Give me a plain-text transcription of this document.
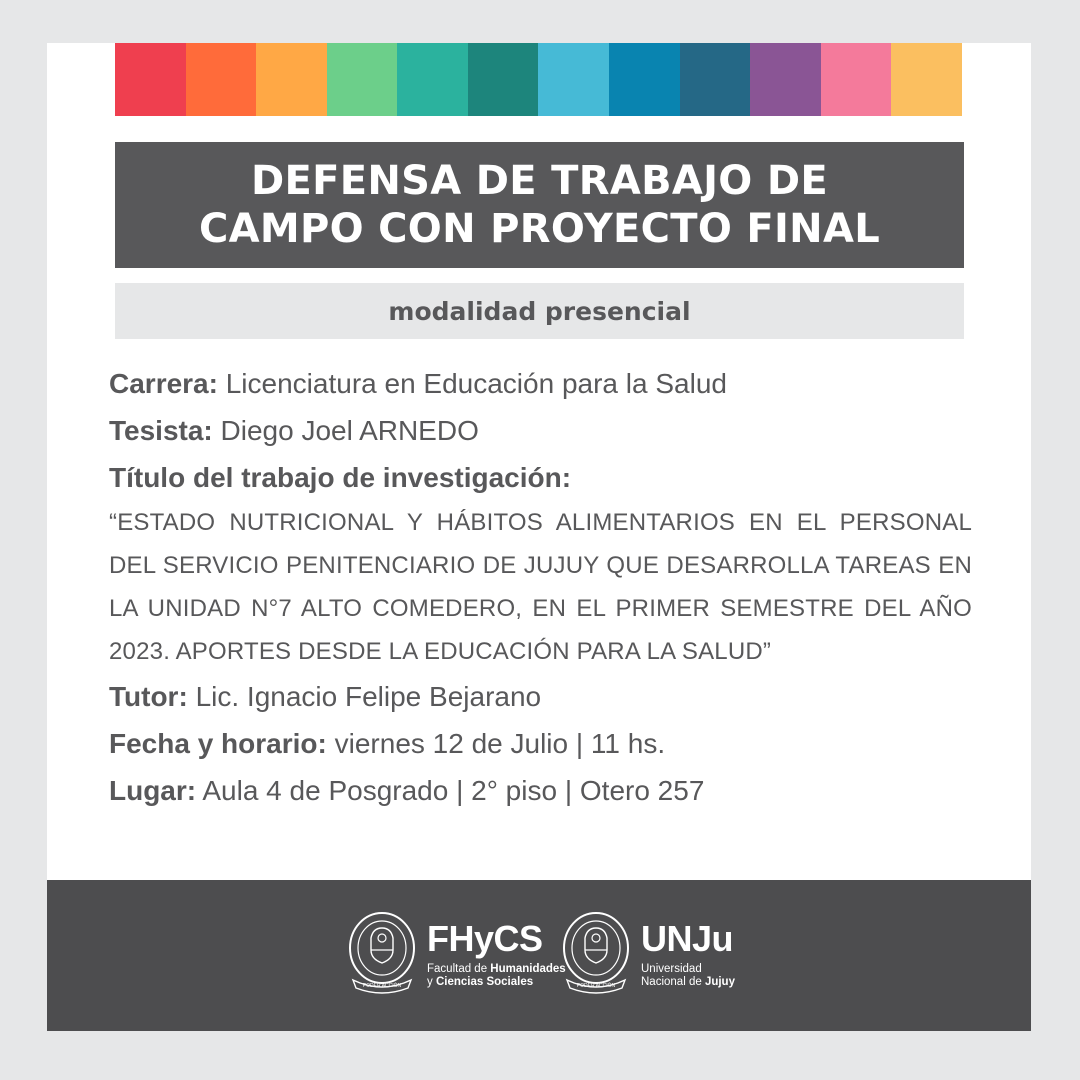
DEFENSA DE TRABAJO DE
CAMPO CON PROYECTO FINAL
modalidad presencial
Carrera: Licenciatura en Educación para la Salud
Tesista: Diego Joel ARNEDO
Título del trabajo de investigación:
“ESTADO NUTRICIONAL Y HÁBITOS ALIMENTARIOS EN EL PERSONAL DEL SERVICIO PENITENCIARIO DE JUJUY QUE DESARROLLA TAREAS EN LA UNIDAD N°7 ALTO COMEDERO, EN EL PRIMER SEMESTRE DEL AÑO 2023. APORTES DESDE LA EDUCACIÓN PARA LA SALUD”
Tutor: Lic. Ignacio Felipe Bejarano
Fecha y horario: viernes 12 de Julio | 11 hs.
Lugar: Aula 4 de Posgrado | 2° piso | Otero 257
PODER ACCIÓN
FHyCS
Facultad de Humanidades
y Ciencias Sociales	PODER ACCIÓN
UNJu
Universidad
Nacional de Jujuy
